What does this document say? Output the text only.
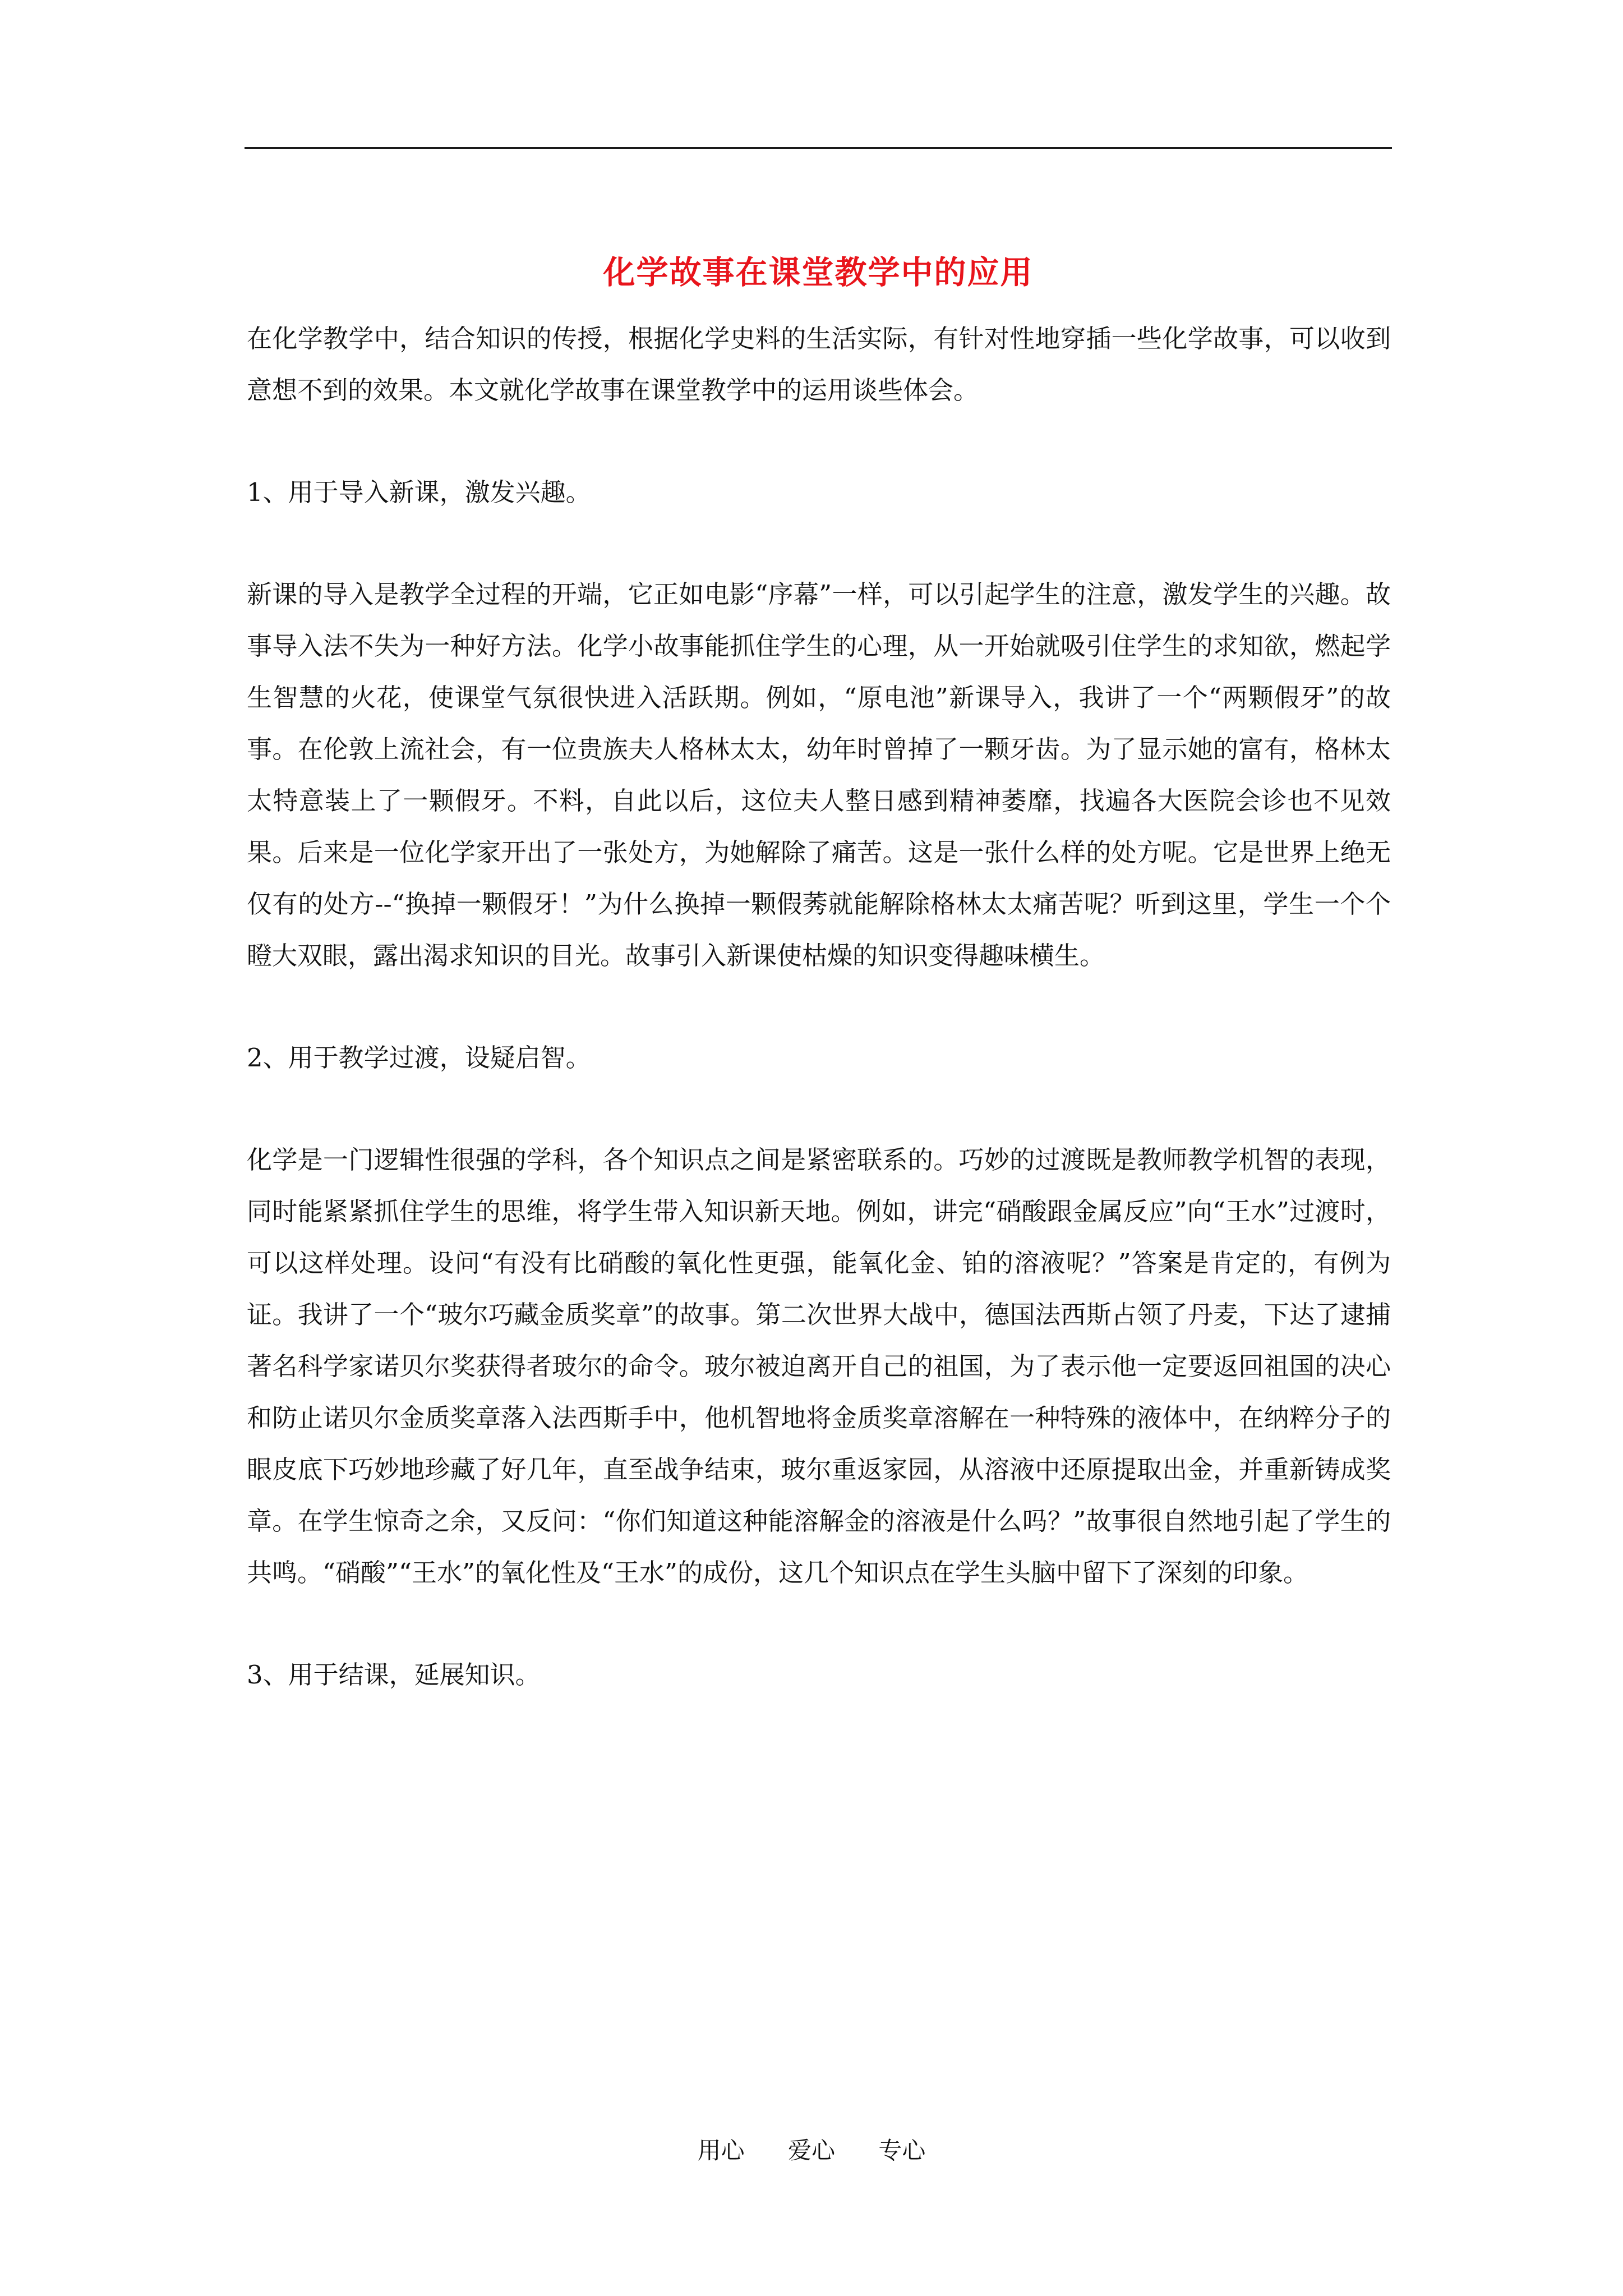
化学故事在课堂教学中的应用

在化学教学中，结合知识的传授，根据化学史料的生活实际，有针对性地穿插一些化学故事，可以收到意想不到的效果。本文就化学故事在课堂教学中的运用谈些体会。

1、用于导入新课，激发兴趣。

新课的导入是教学全过程的开端，它正如电影“序幕”一样，可以引起学生的注意，激发学生的兴趣。故事导入法不失为一种好方法。化学小故事能抓住学生的心理，从一开始就吸引住学生的求知欲，燃起学生智慧的火花，使课堂气氛很快进入活跃期。例如，“原电池”新课导入，我讲了一个“两颗假牙”的故事。在伦敦上流社会，有一位贵族夫人格林太太，幼年时曾掉了一颗牙齿。为了显示她的富有，格林太太特意装上了一颗假牙。不料，自此以后，这位夫人整日感到精神萎靡，找遍各大医院会诊也不见效果。后来是一位化学家开出了一张处方，为她解除了痛苦。这是一张什么样的处方呢。它是世界上绝无仅有的处方--“换掉一颗假牙！”为什么换掉一颗假莠就能解除格林太太痛苦呢？听到这里，学生一个个瞪大双眼，露出渴求知识的目光。故事引入新课使枯燥的知识变得趣味横生。

2、用于教学过渡，设疑启智。

化学是一门逻辑性很强的学科，各个知识点之间是紧密联系的。巧妙的过渡既是教师教学机智的表现，同时能紧紧抓住学生的思维，将学生带入知识新天地。例如，讲完“硝酸跟金属反应”向“王水”过渡时，可以这样处理。设问“有没有比硝酸的氧化性更强，能氧化金、铂的溶液呢？”答案是肯定的，有例为证。我讲了一个“玻尔巧藏金质奖章”的故事。第二次世界大战中，德国法西斯占领了丹麦，下达了逮捕著名科学家诺贝尔奖获得者玻尔的命令。玻尔被迫离开自己的祖国，为了表示他一定要返回祖国的决心和防止诺贝尔金质奖章落入法西斯手中，他机智地将金质奖章溶解在一种特殊的液体中，在纳粹分子的眼皮底下巧妙地珍藏了好几年，直至战争结束，玻尔重返家园，从溶液中还原提取出金，并重新铸成奖章。在学生惊奇之余，又反问：“你们知道这种能溶解金的溶液是什么吗？”故事很自然地引起了学生的共鸣。“硝酸”“王水”的氧化性及“王水”的成份，这几个知识点在学生头脑中留下了深刻的印象。

3、用于结课，延展知识。

用心 爱心 专心
